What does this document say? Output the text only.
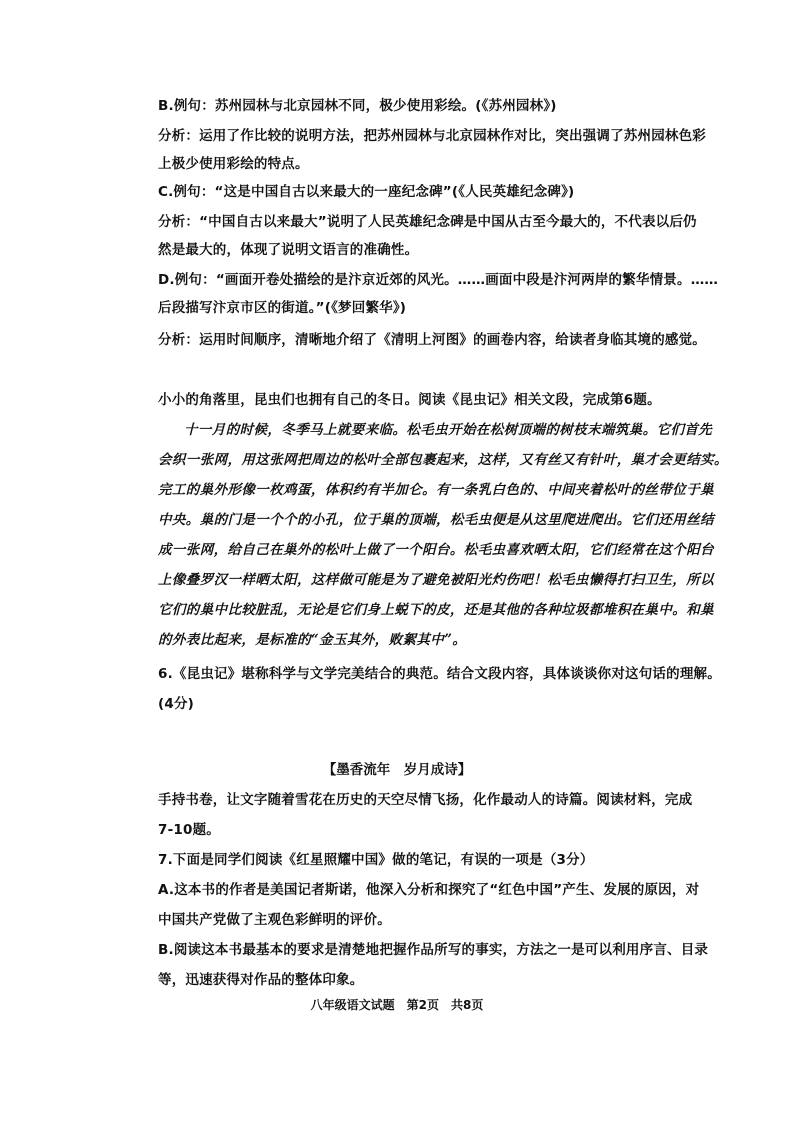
B.例句：苏州园林与北京园林不同，极少使用彩绘。(《苏州园林》)
分析：运用了作比较的说明方法，把苏州园林与北京园林作对比，突出强调了苏州园林色彩
上极少使用彩绘的特点。
C.例句：“这是中国自古以来最大的一座纪念碑”(《人民英雄纪念碑》)
分析：“中国自古以来最大”说明了人民英雄纪念碑是中国从古至今最大的，不代表以后仍
然是最大的，体现了说明文语言的准确性。
D.例句：“画面开卷处描绘的是汴京近郊的风光。……画面中段是汴河两岸的繁华情景。……
后段描写汴京市区的街道。”(《梦回繁华》)
分析：运用时间顺序，清晰地介绍了《清明上河图》的画卷内容，给读者身临其境的感觉。
小小的角落里，昆虫们也拥有自己的冬日。阅读《昆虫记》相关文段，完成第6题。
十一月的时候，冬季马上就要来临。松毛虫开始在松树顶端的树枝末端筑巢。它们首先
会织一张网，用这张网把周边的松叶全部包裹起来，这样，又有丝又有针叶，巢才会更结实。
完工的巢外形像一枚鸡蛋，体积约有半加仑。有一条乳白色的、中间夹着松叶的丝带位于巢
中央。巢的门是一个个的小孔，位于巢的顶端，松毛虫便是从这里爬进爬出。它们还用丝结
成一张网，给自己在巢外的松叶上做了一个阳台。松毛虫喜欢晒太阳，它们经常在这个阳台
上像叠罗汉一样晒太阳，这样做可能是为了避免被阳光灼伤吧！松毛虫懒得打扫卫生，所以
它们的巢中比较脏乱，无论是它们身上蜕下的皮，还是其他的各种垃圾都堆积在巢中。和巢
的外表比起来，是标准的“金玉其外，败絮其中”。
6.《昆虫记》堪称科学与文学完美结合的典范。结合文段内容，具体谈谈你对这句话的理解。
(4分)
【墨香流年　岁月成诗】
手持书卷，让文字随着雪花在历史的天空尽情飞扬，化作最动人的诗篇。阅读材料，完成
7-10题。
7.下面是同学们阅读《红星照耀中国》做的笔记，有误的一项是（3分）
A.这本书的作者是美国记者斯诺，他深入分析和探究了“红色中国”产生、发展的原因，对
中国共产党做了主观色彩鲜明的评价。
B.阅读这本书最基本的要求是清楚地把握作品所写的事实，方法之一是可以利用序言、目录
等，迅速获得对作品的整体印象。
八年级语文试题　第2页　共8页
